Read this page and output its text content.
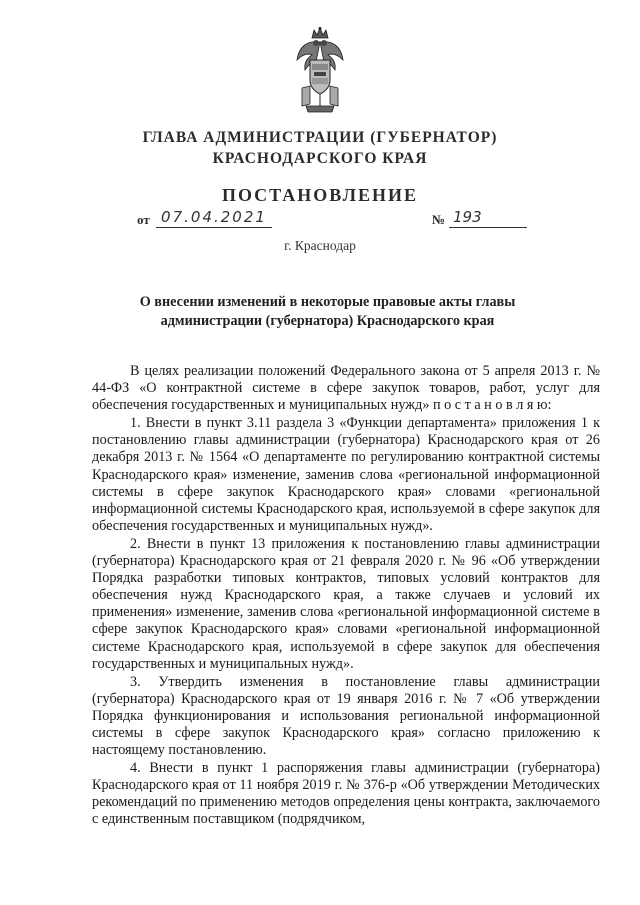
ГЛАВА АДМИНИСТРАЦИИ (ГУБЕРНАТОР)
КРАСНОДАРСКОГО КРАЯ
ПОСТАНОВЛЕНИЕ
от 07.04.2021	№ 193
г. Краснодар
О внесении изменений в некоторые правовые акты главы
администрации (губернатора) Краснодарского края

В целях реализации положений Федерального закона от 5 апреля 2013 г. № 44-ФЗ «О контрактной системе в сфере закупок товаров, работ, услуг для обеспечения государственных и муниципальных нужд» п о с т а н о в л я ю:

1. Внести в пункт 3.11 раздела 3 «Функции департамента» приложения 1 к постановлению главы администрации (губернатора) Краснодарского края от 26 декабря 2013 г. № 1564 «О департаменте по регулированию контрактной системы Краснодарского края» изменение, заменив слова «региональной информационной системы в сфере закупок Краснодарского края» словами «региональной информационной системы Краснодарского края, используемой в сфере закупок для обеспечения государственных и муниципальных нужд».

2. Внести в пункт 13 приложения к постановлению главы администрации (губернатора) Краснодарского края от 21 февраля 2020 г. № 96 «Об утверждении Порядка разработки типовых контрактов, типовых условий контрактов для обеспечения нужд Краснодарского края, а также случаев и условий их применения» изменение, заменив слова «региональной информационной системе в сфере закупок Краснодарского края» словами «региональной информационной системе Краснодарского края, используемой в сфере закупок для обеспечения государственных и муниципальных нужд».

3. Утвердить изменения в постановление главы администрации (губернатора) Краснодарского края от 19 января 2016 г. № 7 «Об утверждении Порядка функционирования и использования региональной информационной системы в сфере закупок Краснодарского края» согласно приложению к настоящему постановлению.

4. Внести в пункт 1 распоряжения главы администрации (губернатора) Краснодарского края от 11 ноября 2019 г. № 376-р «Об утверждении Методических рекомендаций по применению методов определения цены контракта, заключаемого с единственным поставщиком (подрядчиком,
